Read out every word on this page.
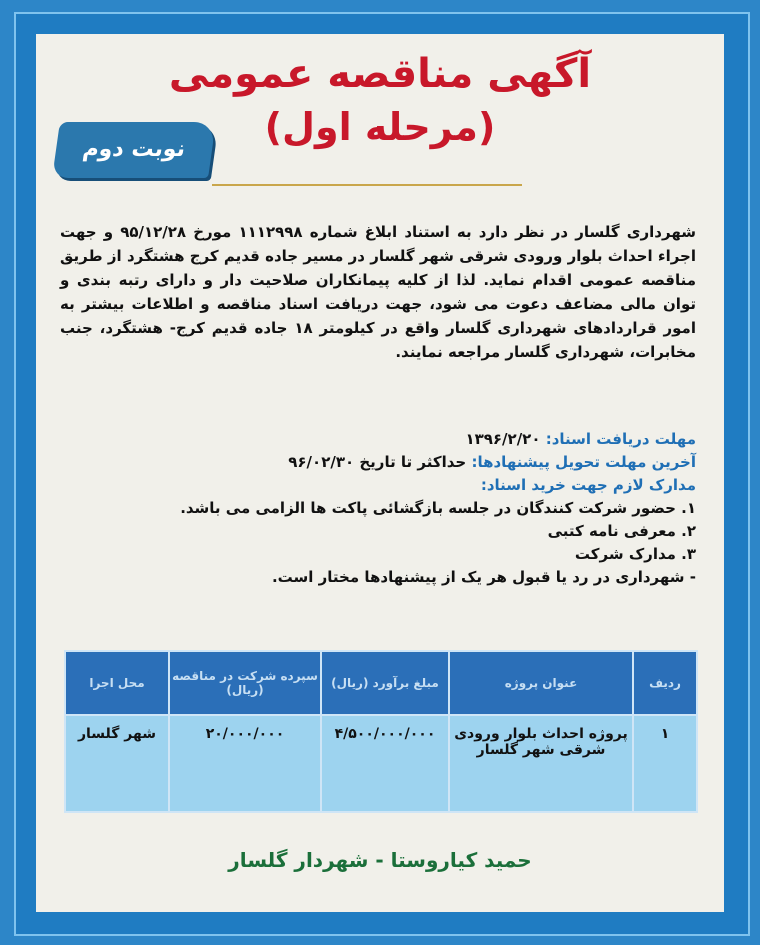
آگهی مناقصه عمومی
(مرحله اول)
نوبت دوم
شهرداری گلسار در نظر دارد به استناد ابلاغ شماره ۱۱۱۲۹۹۸ مورخ ۹۵/۱۲/۲۸ و جهت اجراء احداث بلوار ورودی شرقی شهر گلسار در مسیر جاده قدیم کرج هشتگرد از طریق مناقصه عمومی اقدام نماید. لذا از کلیه پیمانکاران صلاحیت دار و دارای رتبه بندی و توان مالی مضاعف دعوت می شود، جهت دریافت اسناد مناقصه و اطلاعات بیشتر به امور قراردادهای شهرداری گلسار واقع در کیلومتر ۱۸ جاده قدیم کرج- هشتگرد، جنب مخابرات، شهرداری گلسار مراجعه نمایند.
مهلت دریافت اسناد: ۱۳۹۶/۲/۲۰
آخرین مهلت تحویل پیشنهادها: حداکثر تا تاریخ ۹۶/۰۲/۳۰
مدارک لازم جهت خرید اسناد:
۱. حضور شرکت کنندگان در جلسه بازگشائی پاکت ها الزامی می باشد.
۲. معرفی نامه کتبی
۳. مدارک شرکت
- شهرداری در رد یا قبول هر یک از پیشنهادها مختار است.
ردیف	عنوان پروژه	مبلغ برآورد (ریال)	سپرده شرکت در مناقصه (ریال)	محل اجرا
۱	پروژه احداث بلوار ورودی شرقی شهر گلسار	۴/۵۰۰/۰۰۰/۰۰۰	۲۰/۰۰۰/۰۰۰	شهر گلسار
حمید کیاروستا - شهردار گلسار
